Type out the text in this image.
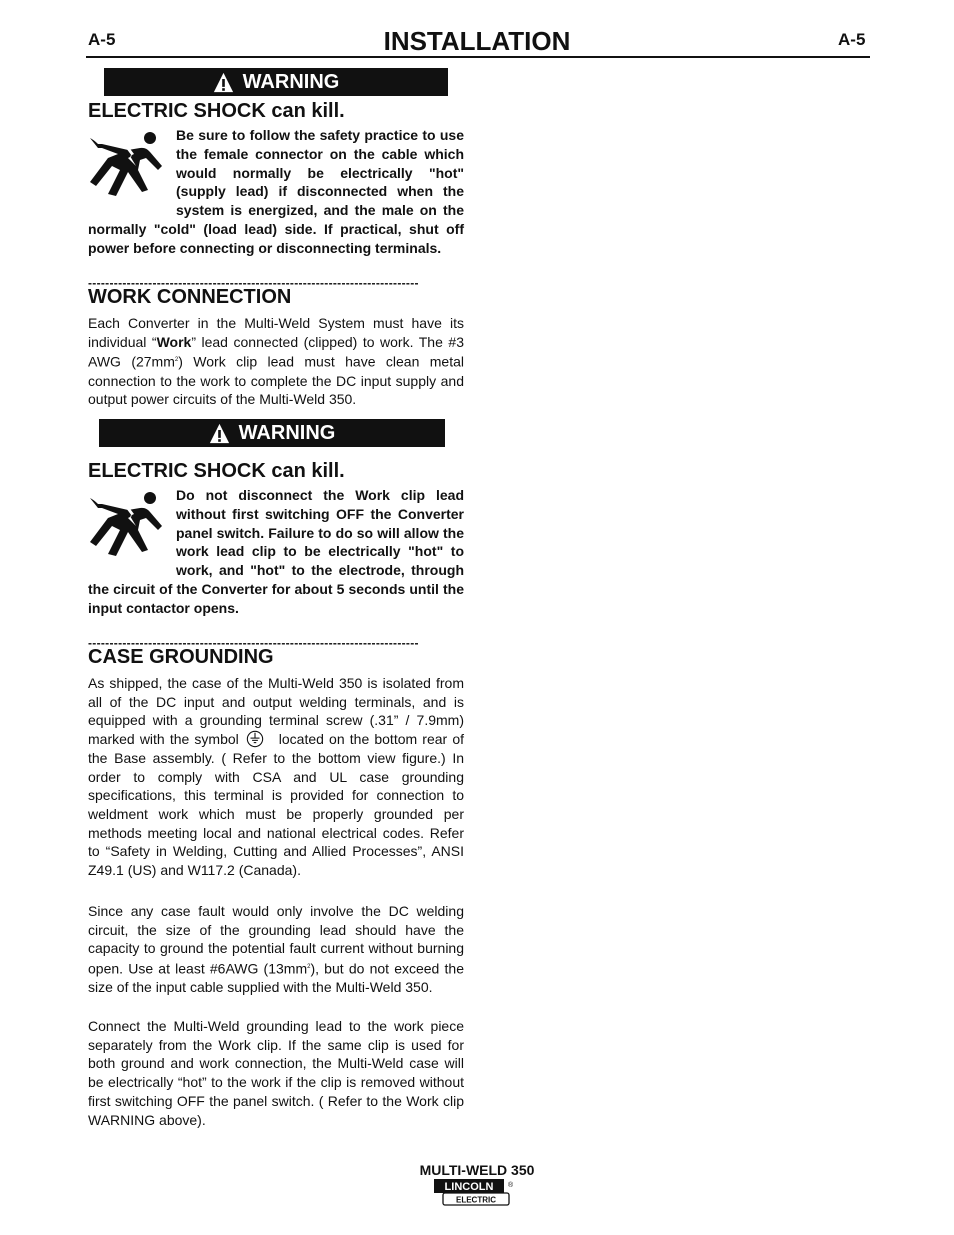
A-5	INSTALLATION	A-5
WARNING
ELECTRIC SHOCK can kill.
Be sure to follow the safety practice to use the female connector on the cable which would normally be electrically "hot" (supply lead) if disconnected when the system is energized, and the male on the normally "cold" (load lead) side. If practical, shut off power before connecting or disconnecting terminals.
-----------------------------------------------------------------------------
WORK CONNECTION
Each Converter in the Multi-Weld System must have its individual “Work” lead connected (clipped) to work. The #3 AWG $(27mm^2)$ Work clip lead must have clean metal connection to the work to complete the DC input supply and output power circuits of the Multi-Weld 350.
WARNING
ELECTRIC SHOCK can kill.
Do not disconnect the Work clip lead without first switching OFF the Converter panel switch. Failure to do so will allow the work lead clip to be electrically "hot" to work, and "hot" to the electrode, through the circuit of the Converter for about 5 seconds until the input contactor opens.
-----------------------------------------------------------------------------
CASE GROUNDING
As shipped, the case of the Multi-Weld 350 is isolated from all of the DC input and output welding terminals, and is equipped with a grounding terminal screw (.31” / 7.9mm) marked with the symbol	located on the bottom rear of the Base assembly. ( Refer to the bottom view figure.) In order to comply with CSA and UL case grounding specifications, this terminal is provided for connection to weldment work which must be properly grounded per methods meeting local and national electrical codes. Refer to “Safety in Welding, Cutting and Allied Processes”, ANSI Z49.1 (US) and W117.2 (Canada).
Since any case fault would only involve the DC welding circuit, the size of the grounding lead should have the capacity to ground the potential fault current without burning open. Use at least #6AWG $(13mm^2)$, but do not exceed the size of the input cable supplied with the Multi-Weld 350.
Connect the Multi-Weld grounding lead to the work piece separately from the Work clip. If the same clip is used for both ground and work connection, the Multi-Weld case will be electrically “hot” to the work if the clip is removed without first switching OFF the panel switch. ( Refer to the Work clip WARNING above).
MULTI-WELD 350
LINCOLN
ELECTRIC
®
